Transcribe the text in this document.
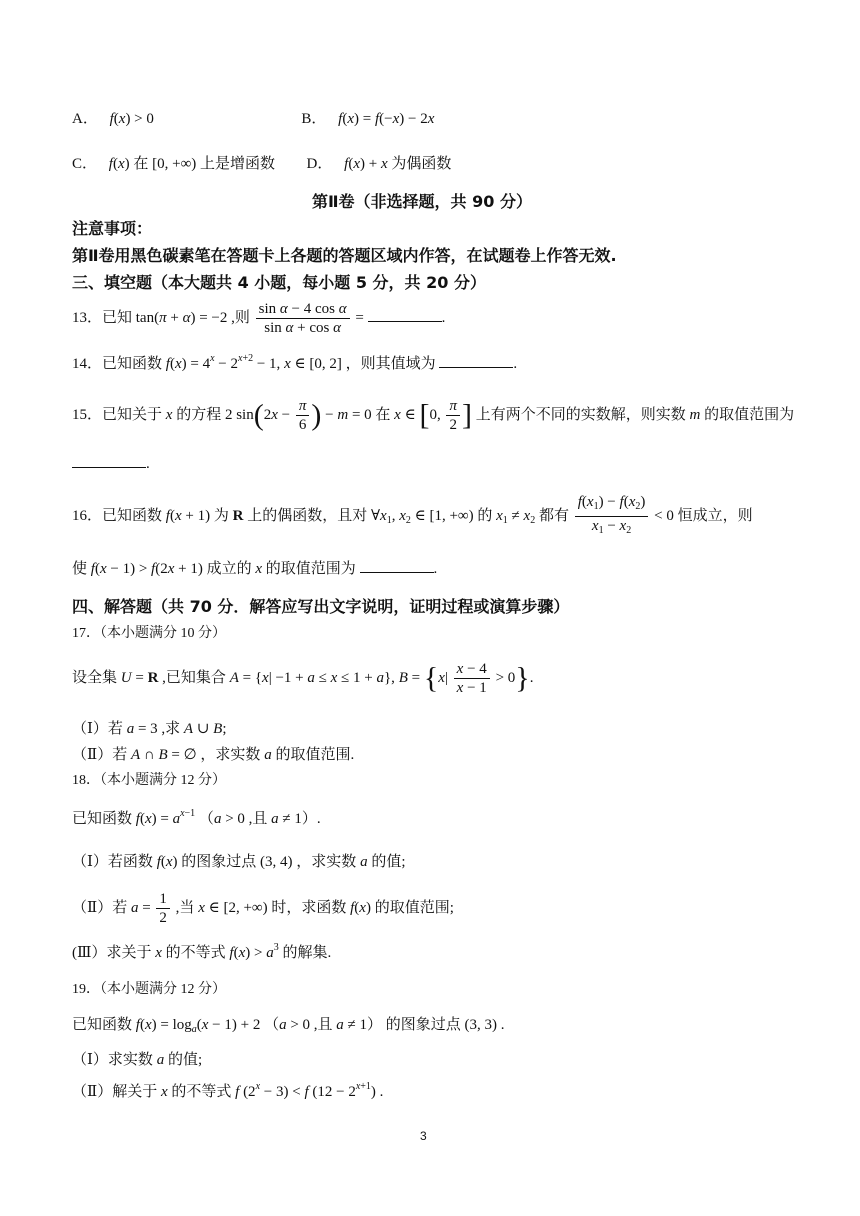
A． f(x) > 0	B． f(x) = f(−x) − 2x
C． f(x) 在 [0, +∞) 上是增函数 D． f(x) + x 为偶函数
第Ⅱ卷（非选择题，共 90 分）
注意事项：
第Ⅱ卷用黑色碳素笔在答题卡上各题的答题区域内作答，在试题卷上作答无效.
三、填空题（本大题共 4 小题，每小题 5 分，共 20 分）
13．已知 tan(π + α) = −2 ,则 $\frac{\text{sin α − 4 cos α}}{\text{sin α + cos α}}$ =	.
14．已知函数 $f(x) = 4^x - 2^{x+2} - 1$, x ∈ [0, 2] ，则其值域为	.
15．已知关于 x 的方程 2 $\sin(2x - \frac{\pi}{6}$ ) − m = 0 在 x ∈ [0, $\frac{\pi}{2}$ ] 上有两个不同的实数解，则实数 m 的取值范围为
.
16．已知函数 f(x + 1) 为 R 上的偶函数，且对 $\forall x_1$, $x_2$ ∈ [1, +∞) 的 $x_1 \ne x_2$ 都有 $\frac{f(x_1) - f(x_2)}{x_1 - x_2} < 0$ 恒成立，则
使 f(x − 1) > f(2x + 1) 成立的 x 的取值范围为	.
四、解答题（共 70 分．解答应写出文字说明，证明过程或演算步骤）
17．（本小题满分 10 分）
设全集 U = R ,已知集合 A = {x| −1 + a ≤ x ≤ 1 + a}, $B = \{x| \frac{x - 4}{x - 1} > 0\}$.
（Ⅰ）若 a = 3 ,求 A ∪ B;
（Ⅱ）若 A ∩ B = ∅ ，求实数 a 的取值范围.
18．（本小题满分 12 分）
已知函数 $f(x) = a^{x-1}$ （a > 0 ,且 a ≠ 1）.
（Ⅰ）若函数 f(x) 的图象过点 (3, 4) ，求实数 a 的值;
（Ⅱ）若 $a = \frac{1}{2}$ ,当 x ∈ [2, +∞) 时，求函数 f(x) 的取值范围;
(Ⅲ）求关于 x 的不等式 $f(x) > a^3$ 的解集.
19．（本小题满分 12 分）
已知函数 $f(x) = \log_a(x - 1) + 2$ （a > 0 ,且 a ≠ 1） 的图象过点 (3, 3) .
（Ⅰ）求实数 a 的值;
（Ⅱ）解关于 x 的不等式 f $(2^x - 3) < f$ $(12 - 2^{x+1})$ .
3
